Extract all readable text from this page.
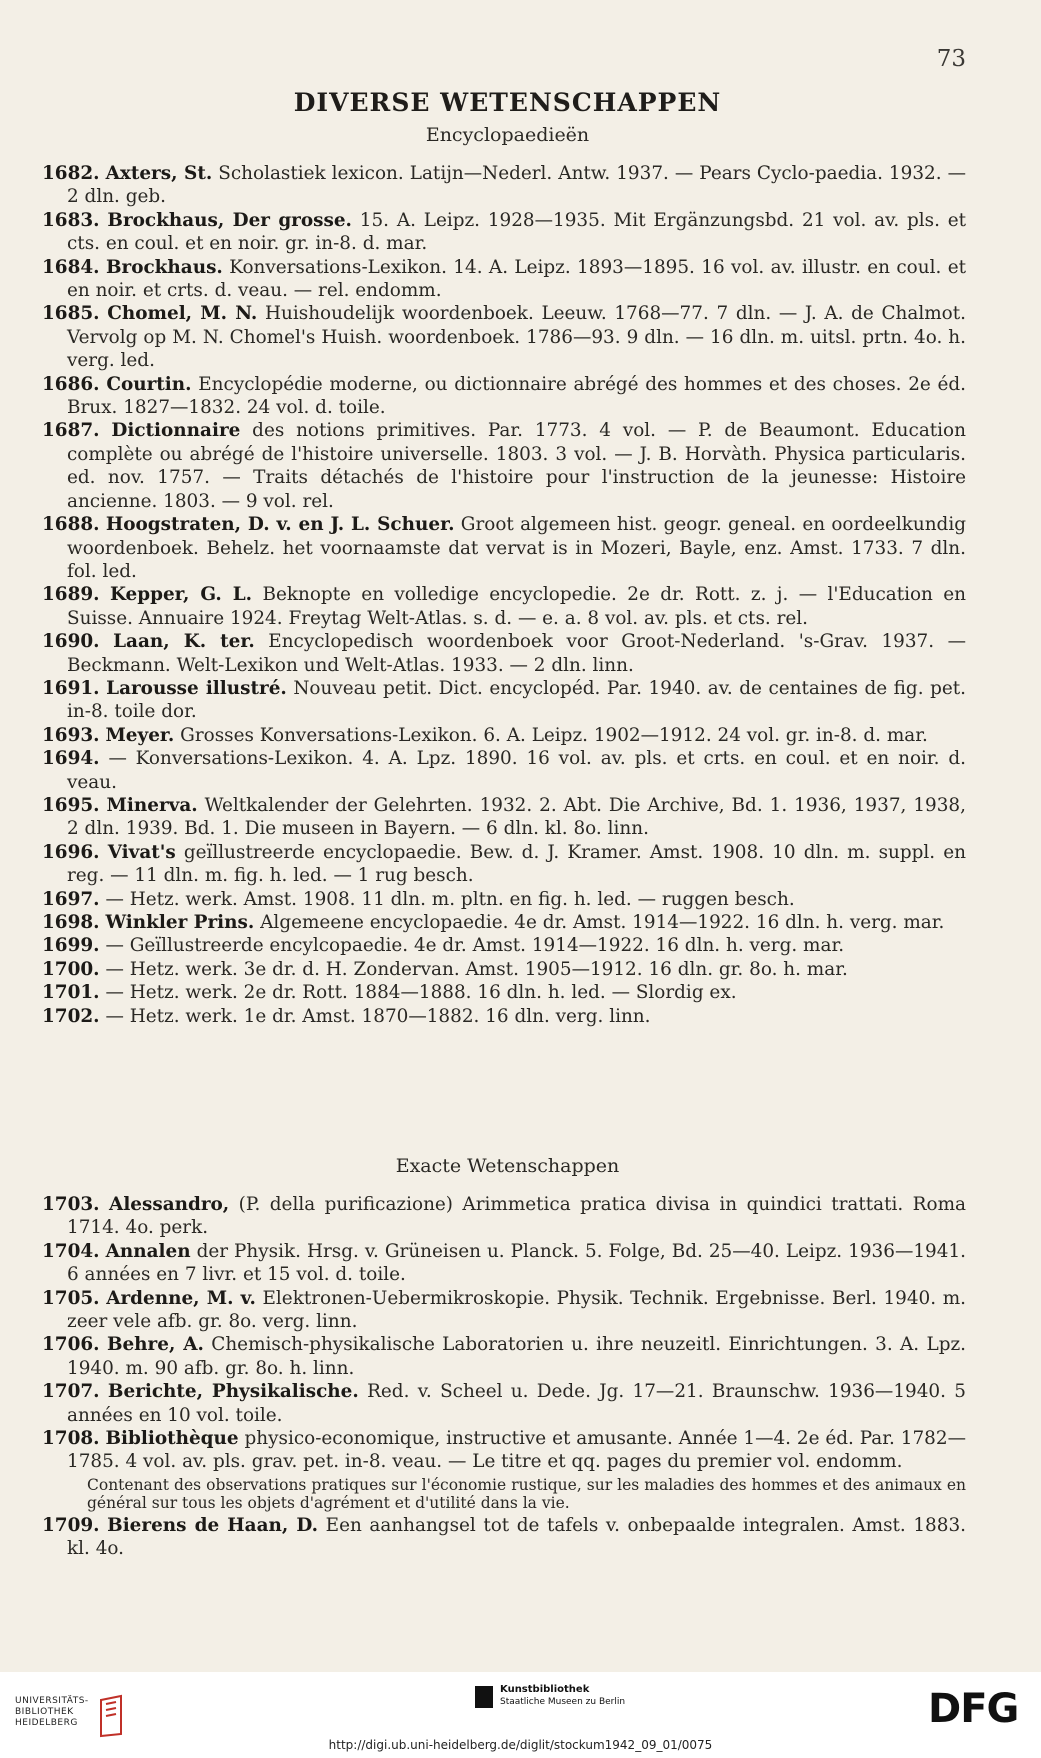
73
DIVERSE WETENSCHAPPEN
Encyclopaedieën

1682. Axters, St. Scholastiek lexicon. Latijn—Nederl. Antw. 1937. — Pears Cyclo-paedia. 1932. — 2 dln. geb.

1683. Brockhaus, Der grosse. 15. A. Leipz. 1928—1935. Mit Ergänzungsbd. 21 vol. av. pls. et cts. en coul. et en noir. gr. in-8. d. mar.

1684. Brockhaus. Konversations-Lexikon. 14. A. Leipz. 1893—1895. 16 vol. av. illustr. en coul. et en noir. et crts. d. veau. — rel. endomm.

1685. Chomel, M. N. Huishoudelijk woordenboek. Leeuw. 1768—77. 7 dln. — J. A. de Chalmot. Vervolg op M. N. Chomel's Huish. woordenboek. 1786—93. 9 dln. — 16 dln. m. uitsl. prtn. 4o. h. verg. led.

1686. Courtin. Encyclopédie moderne, ou dictionnaire abrégé des hommes et des choses. 2e éd. Brux. 1827—1832. 24 vol. d. toile.

1687. Dictionnaire des notions primitives. Par. 1773. 4 vol. — P. de Beaumont. Education complète ou abrégé de l'histoire universelle. 1803. 3 vol. — J. B. Horvàth. Physica particularis. ed. nov. 1757. — Traits détachés de l'histoire pour l'instruction de la jeunesse: Histoire ancienne. 1803. — 9 vol. rel.

1688. Hoogstraten, D. v. en J. L. Schuer. Groot algemeen hist. geogr. geneal. en oordeelkundig woordenboek. Behelz. het voornaamste dat vervat is in Mozeri, Bayle, enz. Amst. 1733. 7 dln. fol. led.

1689. Kepper, G. L. Beknopte en volledige encyclopedie. 2e dr. Rott. z. j. — l'Education en Suisse. Annuaire 1924. Freytag Welt-Atlas. s. d. — e. a. 8 vol. av. pls. et cts. rel.

1690. Laan, K. ter. Encyclopedisch woordenboek voor Groot-Nederland. 's-Grav. 1937. — Beckmann. Welt-Lexikon und Welt-Atlas. 1933. — 2 dln. linn.

1691. Larousse illustré. Nouveau petit. Dict. encyclopéd. Par. 1940. av. de centaines de fig. pet. in-8. toile dor.

1693. Meyer. Grosses Konversations-Lexikon. 6. A. Leipz. 1902—1912. 24 vol. gr. in-8. d. mar.

1694. — Konversations-Lexikon. 4. A. Lpz. 1890. 16 vol. av. pls. et crts. en coul. et en noir. d. veau.

1695. Minerva. Weltkalender der Gelehrten. 1932. 2. Abt. Die Archive, Bd. 1. 1936, 1937, 1938, 2 dln. 1939. Bd. 1. Die museen in Bayern. — 6 dln. kl. 8o. linn.

1696. Vivat's geïllustreerde encyclopaedie. Bew. d. J. Kramer. Amst. 1908. 10 dln. m. suppl. en reg. — 11 dln. m. fig. h. led. — 1 rug besch.

1697. — Hetz. werk. Amst. 1908. 11 dln. m. pltn. en fig. h. led. — ruggen besch.

1698. Winkler Prins. Algemeene encyclopaedie. 4e dr. Amst. 1914—1922. 16 dln. h. verg. mar.

1699. — Geïllustreerde encylcopaedie. 4e dr. Amst. 1914—1922. 16 dln. h. verg. mar.

1700. — Hetz. werk. 3e dr. d. H. Zondervan. Amst. 1905—1912. 16 dln. gr. 8o. h. mar.

1701. — Hetz. werk. 2e dr. Rott. 1884—1888. 16 dln. h. led. — Slordig ex.

1702. — Hetz. werk. 1e dr. Amst. 1870—1882. 16 dln. verg. linn.

Exacte Wetenschappen

1703. Alessandro, (P. della purificazione) Arimmetica pratica divisa in quindici trattati. Roma 1714. 4o. perk.

1704. Annalen der Physik. Hrsg. v. Grüneisen u. Planck. 5. Folge, Bd. 25—40. Leipz. 1936—1941. 6 années en 7 livr. et 15 vol. d. toile.

1705. Ardenne, M. v. Elektronen-Uebermikroskopie. Physik. Technik. Ergebnisse. Berl. 1940. m. zeer vele afb. gr. 8o. verg. linn.

1706. Behre, A. Chemisch-physikalische Laboratorien u. ihre neuzeitl. Einrichtungen. 3. A. Lpz. 1940. m. 90 afb. gr. 8o. h. linn.

1707. Berichte, Physikalische. Red. v. Scheel u. Dede. Jg. 17—21. Braunschw. 1936—1940. 5 années en 10 vol. toile.

1708. Bibliothèque physico-economique, instructive et amusante. Année 1—4. 2e éd. Par. 1782—1785. 4 vol. av. pls. grav. pet. in-8. veau. — Le titre et qq. pages du premier vol. endomm.

Contenant des observations pratiques sur l'économie rustique, sur les maladies des hommes et des animaux en général sur tous les objets d'agrément et d'utilité dans la vie.

1709. Bierens de Haan, D. Een aanhangsel tot de tafels v. onbepaalde integralen. Amst. 1883. kl. 4o.

UNIVERSITÄTS-
BIBLIOTHEK
HEIDELBERG
Kunstbibliothek
Staatliche Museen zu Berlin	DFG
http://digi.ub.uni-heidelberg.de/diglit/stockum1942_09_01/0075
